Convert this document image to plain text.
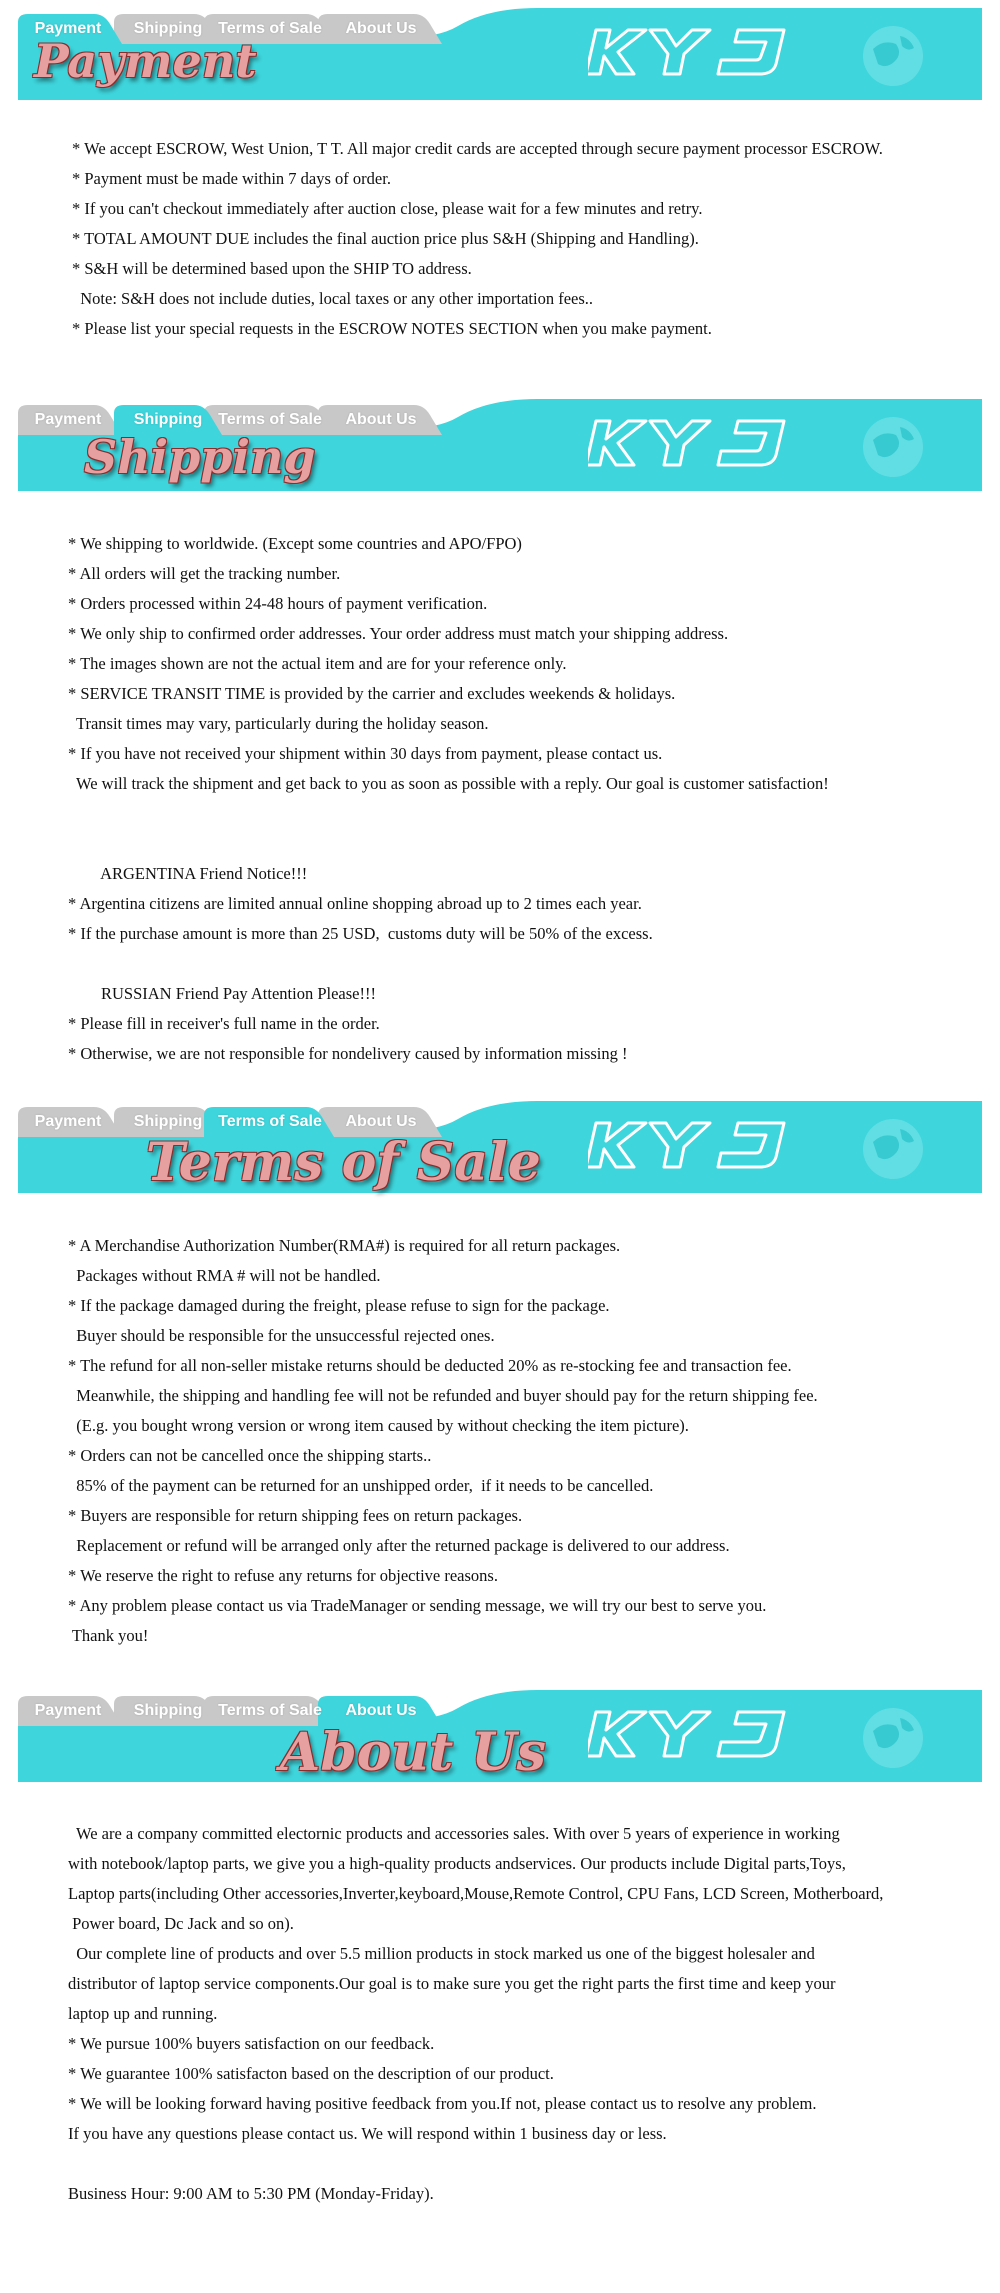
Payment	Shipping Terms of Sale	About Us
Payment	Shipping Terms of Sale	About Us
Payment	Shipping Terms of Sale	About Us
Payment	Shipping Terms of Sale	About Us
Payment
Shipping
Terms of Sale
About Us
* We accept ESCROW, West Union, T T. All major credit cards are accepted through secure payment processor ESCROW.
* Payment must be made within 7 days of order.
* If you can't checkout immediately after auction close, please wait for a few minutes and retry.
* TOTAL AMOUNT DUE includes the final auction price plus S&H (Shipping and Handling).
* S&H will be determined based upon the SHIP TO address.
Note: S&H does not include duties, local taxes or any other importation fees..
* Please list your special requests in the ESCROW NOTES SECTION when you make payment.
* We shipping to worldwide. (Except some countries and APO/FPO)
* All orders will get the tracking number.
* Orders processed within 24-48 hours of payment verification.
* We only ship to confirmed order addresses. Your order address must match your shipping address.
* The images shown are not the actual item and are for your reference only.
* SERVICE TRANSIT TIME is provided by the carrier and excludes weekends & holidays.
Transit times may vary, particularly during the holiday season.
* If you have not received your shipment within 30 days from payment, please contact us.
We will track the shipment and get back to you as soon as possible with a reply. Our goal is customer satisfaction!
ARGENTINA Friend Notice!!!
* Argentina citizens are limited annual online shopping abroad up to 2 times each year.
* If the purchase amount is more than 25 USD,  customs duty will be 50% of the excess.
RUSSIAN Friend Pay Attention Please!!!
* Please fill in receiver's full name in the order.
* Otherwise, we are not responsible for nondelivery caused by information missing !
* A Merchandise Authorization Number(RMA#) is required for all return packages.
Packages without RMA # will not be handled.
* If the package damaged during the freight, please refuse to sign for the package.
Buyer should be responsible for the unsuccessful rejected ones.
* The refund for all non-seller mistake returns should be deducted 20% as re-stocking fee and transaction fee.
Meanwhile, the shipping and handling fee will not be refunded and buyer should pay for the return shipping fee.
(E.g. you bought wrong version or wrong item caused by without checking the item picture).
* Orders can not be cancelled once the shipping starts..
85% of the payment can be returned for an unshipped order,  if it needs to be cancelled.
* Buyers are responsible for return shipping fees on return packages.
Replacement or refund will be arranged only after the returned package is delivered to our address.
* We reserve the right to refuse any returns for objective reasons.
* Any problem please contact us via TradeManager or sending message, we will try our best to serve you.
Thank you!
We are a company committed electornic products and accessories sales. With over 5 years of experience in working
with notebook/laptop parts, we give you a high-quality products andservices. Our products include Digital parts,Toys,
Laptop parts(including Other accessories,Inverter,keyboard,Mouse,Remote Control, CPU Fans, LCD Screen, Motherboard,
Power board, Dc Jack and so on).
Our complete line of products and over 5.5 million products in stock marked us one of the biggest holesaler and
distributor of laptop service components.Our goal is to make sure you get the right parts the first time and keep your
laptop up and running.
* We pursue 100% buyers satisfaction on our feedback.
* We guarantee 100% satisfacton based on the description of our product.
* We will be looking forward having positive feedback from you.If not, please contact us to resolve any problem.
If you have any questions please contact us. We will respond within 1 business day or less.
Business Hour: 9:00 AM to 5:30 PM (Monday-Friday).
